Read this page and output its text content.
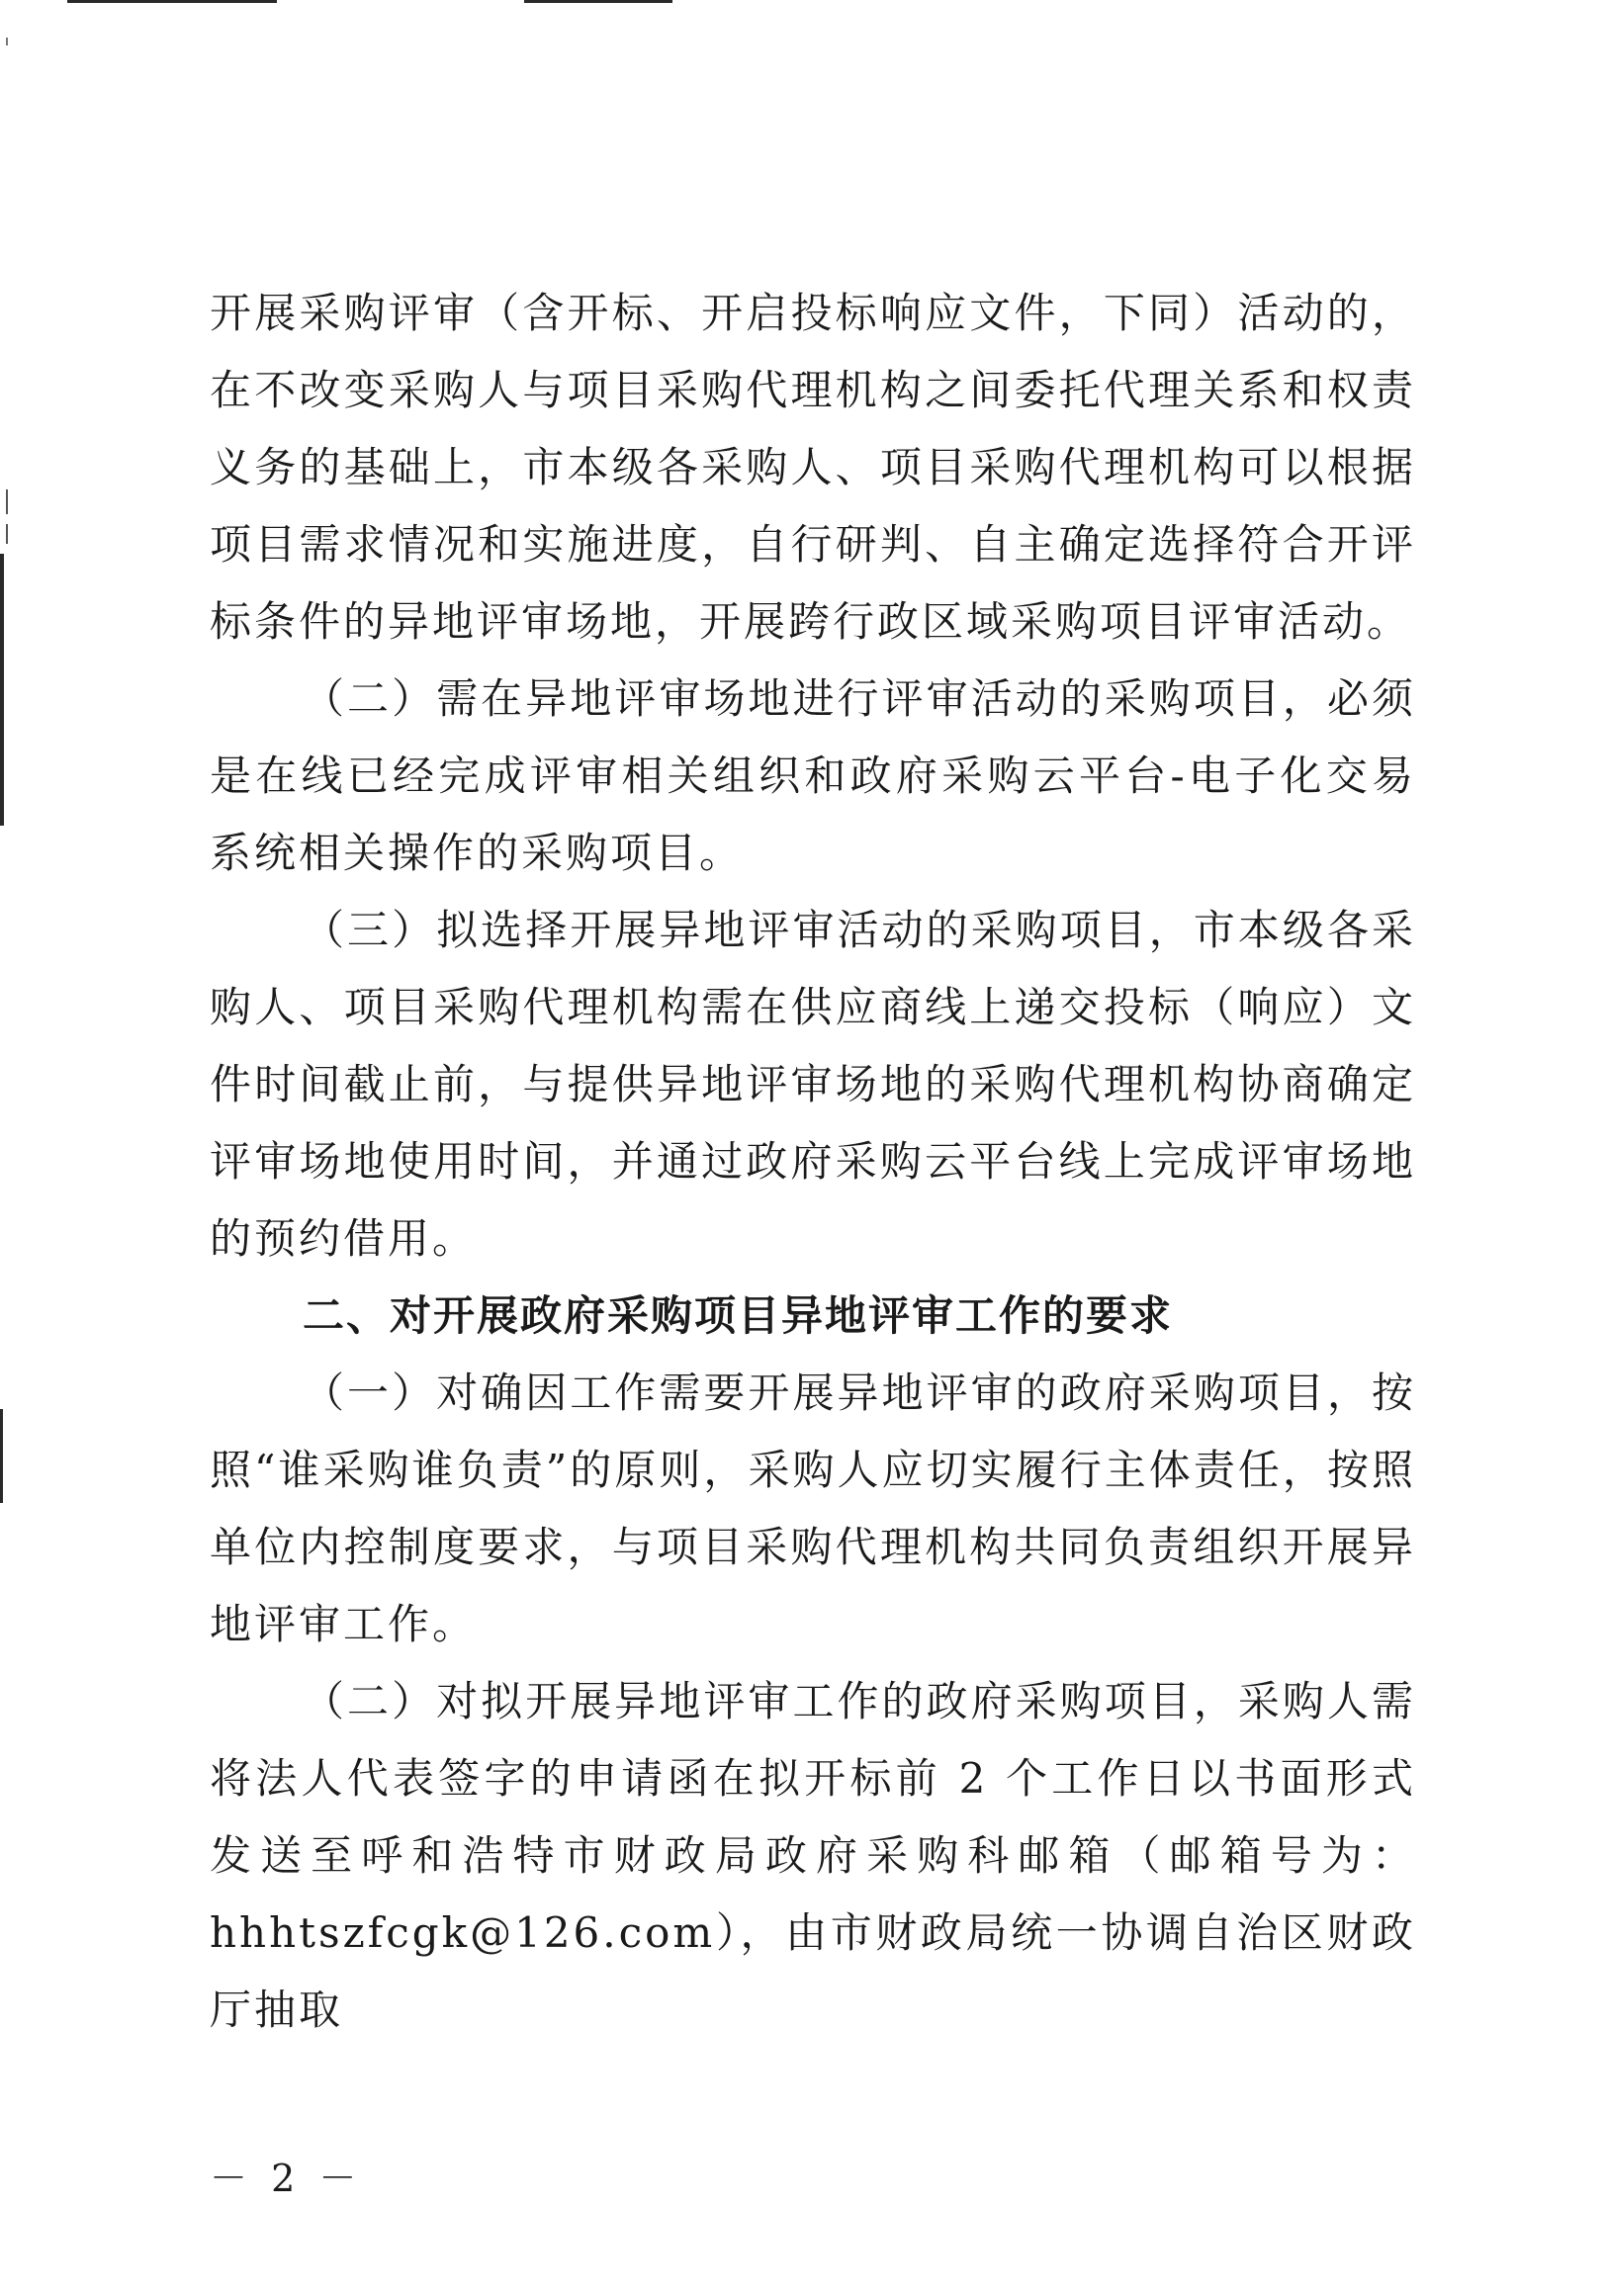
开展采购评审（含开标、开启投标响应文件，下同）活动的，在不改变采购人与项目采购代理机构之间委托代理关系和权责义务的基础上，市本级各采购人、项目采购代理机构可以根据项目需求情况和实施进度，自行研判、自主确定选择符合开评标条件的异地评审场地，开展跨行政区域采购项目评审活动。

（二）需在异地评审场地进行评审活动的采购项目，必须是在线已经完成评审相关组织和政府采购云平台-电子化交易系统相关操作的采购项目。

（三）拟选择开展异地评审活动的采购项目，市本级各采购人、项目采购代理机构需在供应商线上递交投标（响应）文件时间截止前，与提供异地评审场地的采购代理机构协商确定评审场地使用时间，并通过政府采购云平台线上完成评审场地的预约借用。

二、对开展政府采购项目异地评审工作的要求

（一）对确因工作需要开展异地评审的政府采购项目，按照“谁采购谁负责”的原则，采购人应切实履行主体责任，按照单位内控制度要求，与项目采购代理机构共同负责组织开展异地评审工作。

（二）对拟开展异地评审工作的政府采购项目，采购人需将法人代表签字的申请函在拟开标前 2 个工作日以书面形式发送至呼和浩特市财政局政府采购科邮箱（邮箱号为：hhhtszfcgk@126.com），由市财政局统一协调自治区财政厅抽取

－ 2 －
